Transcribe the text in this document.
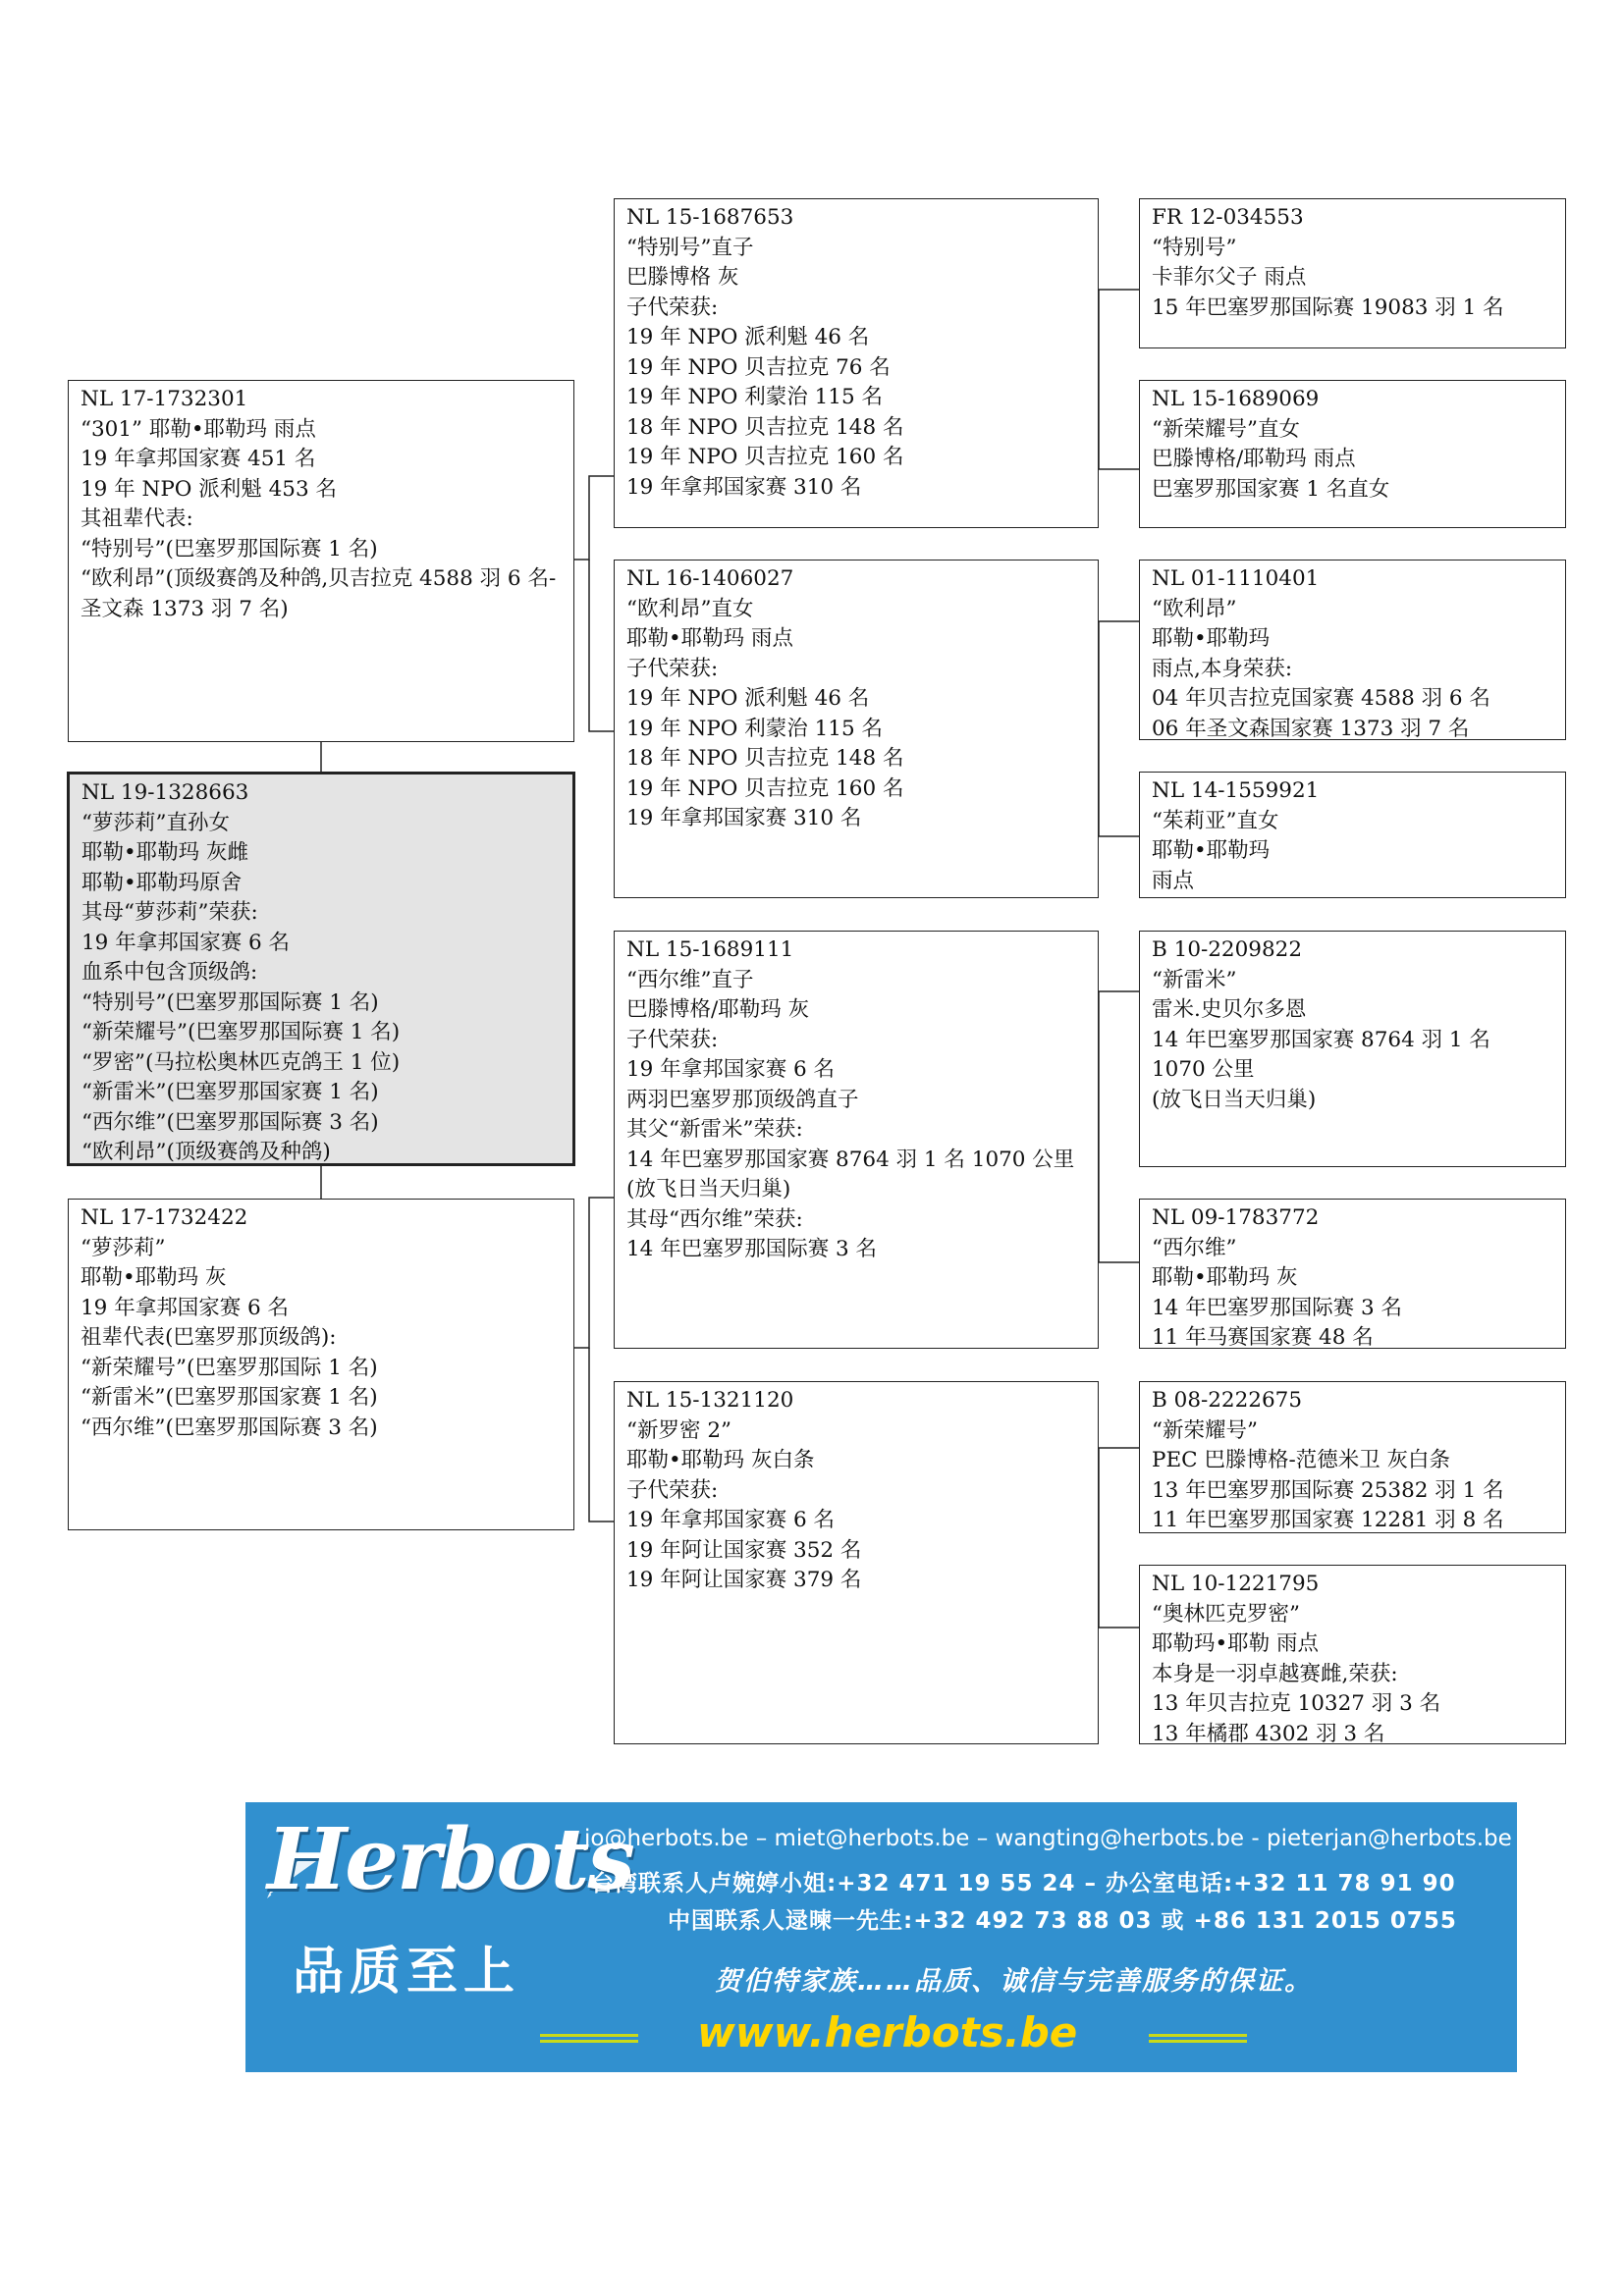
NL 17-1732301
“301” 耶勒•耶勒玛 雨点
19 年拿邦国家赛 451 名
19 年 NPO 派利魁 453 名
其祖辈代表:
“特别号”(巴塞罗那国际赛 1 名)
“欧利昂”(顶级赛鸽及种鸽,贝吉拉克 4588 羽 6 名-圣文森 1373 羽 7 名)
NL 19-1328663
“萝莎莉”直孙女
耶勒•耶勒玛 灰雌
耶勒•耶勒玛原舍
其母“萝莎莉”荣获:
19 年拿邦国家赛 6 名
血系中包含顶级鸽:
“特别号”(巴塞罗那国际赛 1 名)
“新荣耀号”(巴塞罗那国际赛 1 名)
“罗密”(马拉松奥林匹克鸽王 1 位)
“新雷米”(巴塞罗那国家赛 1 名)
“西尔维”(巴塞罗那国际赛 3 名)
“欧利昂”(顶级赛鸽及种鸽)
NL 17-1732422
“萝莎莉”
耶勒•耶勒玛 灰
19 年拿邦国家赛 6 名
祖辈代表(巴塞罗那顶级鸽):
“新荣耀号”(巴塞罗那国际 1 名)
“新雷米”(巴塞罗那国家赛 1 名)
“西尔维”(巴塞罗那国际赛 3 名)
NL 15-1687653
“特别号”直子
巴滕博格 灰
子代荣获:
19 年 NPO 派利魁 46 名
19 年 NPO 贝吉拉克 76 名
19 年 NPO 利蒙治 115 名
18 年 NPO 贝吉拉克 148 名
19 年 NPO 贝吉拉克 160 名
19 年拿邦国家赛 310 名
NL 16-1406027
“欧利昂”直女
耶勒•耶勒玛 雨点
子代荣获:
19 年 NPO 派利魁 46 名
19 年 NPO 利蒙治 115 名
18 年 NPO 贝吉拉克 148 名
19 年 NPO 贝吉拉克 160 名
19 年拿邦国家赛 310 名
NL 15-1689111
“西尔维”直子
巴滕博格/耶勒玛 灰
子代荣获:
19 年拿邦国家赛 6 名
两羽巴塞罗那顶级鸽直子
其父“新雷米”荣获:
14 年巴塞罗那国家赛 8764 羽 1 名 1070 公里
(放飞日当天归巢)
其母“西尔维”荣获:
14 年巴塞罗那国际赛 3 名
NL 15-1321120
“新罗密 2”
耶勒•耶勒玛 灰白条
子代荣获:
19 年拿邦国家赛 6 名
19 年阿让国家赛 352 名
19 年阿让国家赛 379 名
FR 12-034553
“特别号”
卡菲尔父子 雨点
15 年巴塞罗那国际赛 19083 羽 1 名
NL 15-1689069
“新荣耀号”直女
巴滕博格/耶勒玛 雨点
巴塞罗那国家赛 1 名直女
NL 01-1110401
“欧利昂”
耶勒•耶勒玛
雨点,本身荣获:
04 年贝吉拉克国家赛 4588 羽 6 名
06 年圣文森国家赛 1373 羽 7 名
NL 14-1559921
“茱莉亚”直女
耶勒•耶勒玛
雨点
B 10-2209822
“新雷米”
雷米.史贝尔多恩
14 年巴塞罗那国家赛 8764 羽 1 名
1070 公里
(放飞日当天归巢)
NL 09-1783772
“西尔维”
耶勒•耶勒玛 灰
14 年巴塞罗那国际赛 3 名
11 年马赛国家赛 48 名
B 08-2222675
“新荣耀号”
PEC 巴滕博格-范德米卫 灰白条
13 年巴塞罗那国际赛 25382 羽 1 名
11 年巴塞罗那国家赛 12281 羽 8 名
NL 10-1221795
“奥林匹克罗密”
耶勒玛•耶勒 雨点
本身是一羽卓越赛雌,荣获:
13 年贝吉拉克 10327 羽 3 名
13 年橘郡 4302 羽 3 名
Herbots
品质至上
jo@herbots.be – miet@herbots.be – wangting@herbots.be - pieterjan@herbots.be
台湾联系人卢婉婷小姐:+32 471 19 55 24 – 办公室电话:+32 11 78 91 90
中国联系人逯暕一先生:+32 492 73 88 03 或 +86 131 2015 0755
贺伯特家族……品质、诚信与完善服务的保证。
www.herbots.be
